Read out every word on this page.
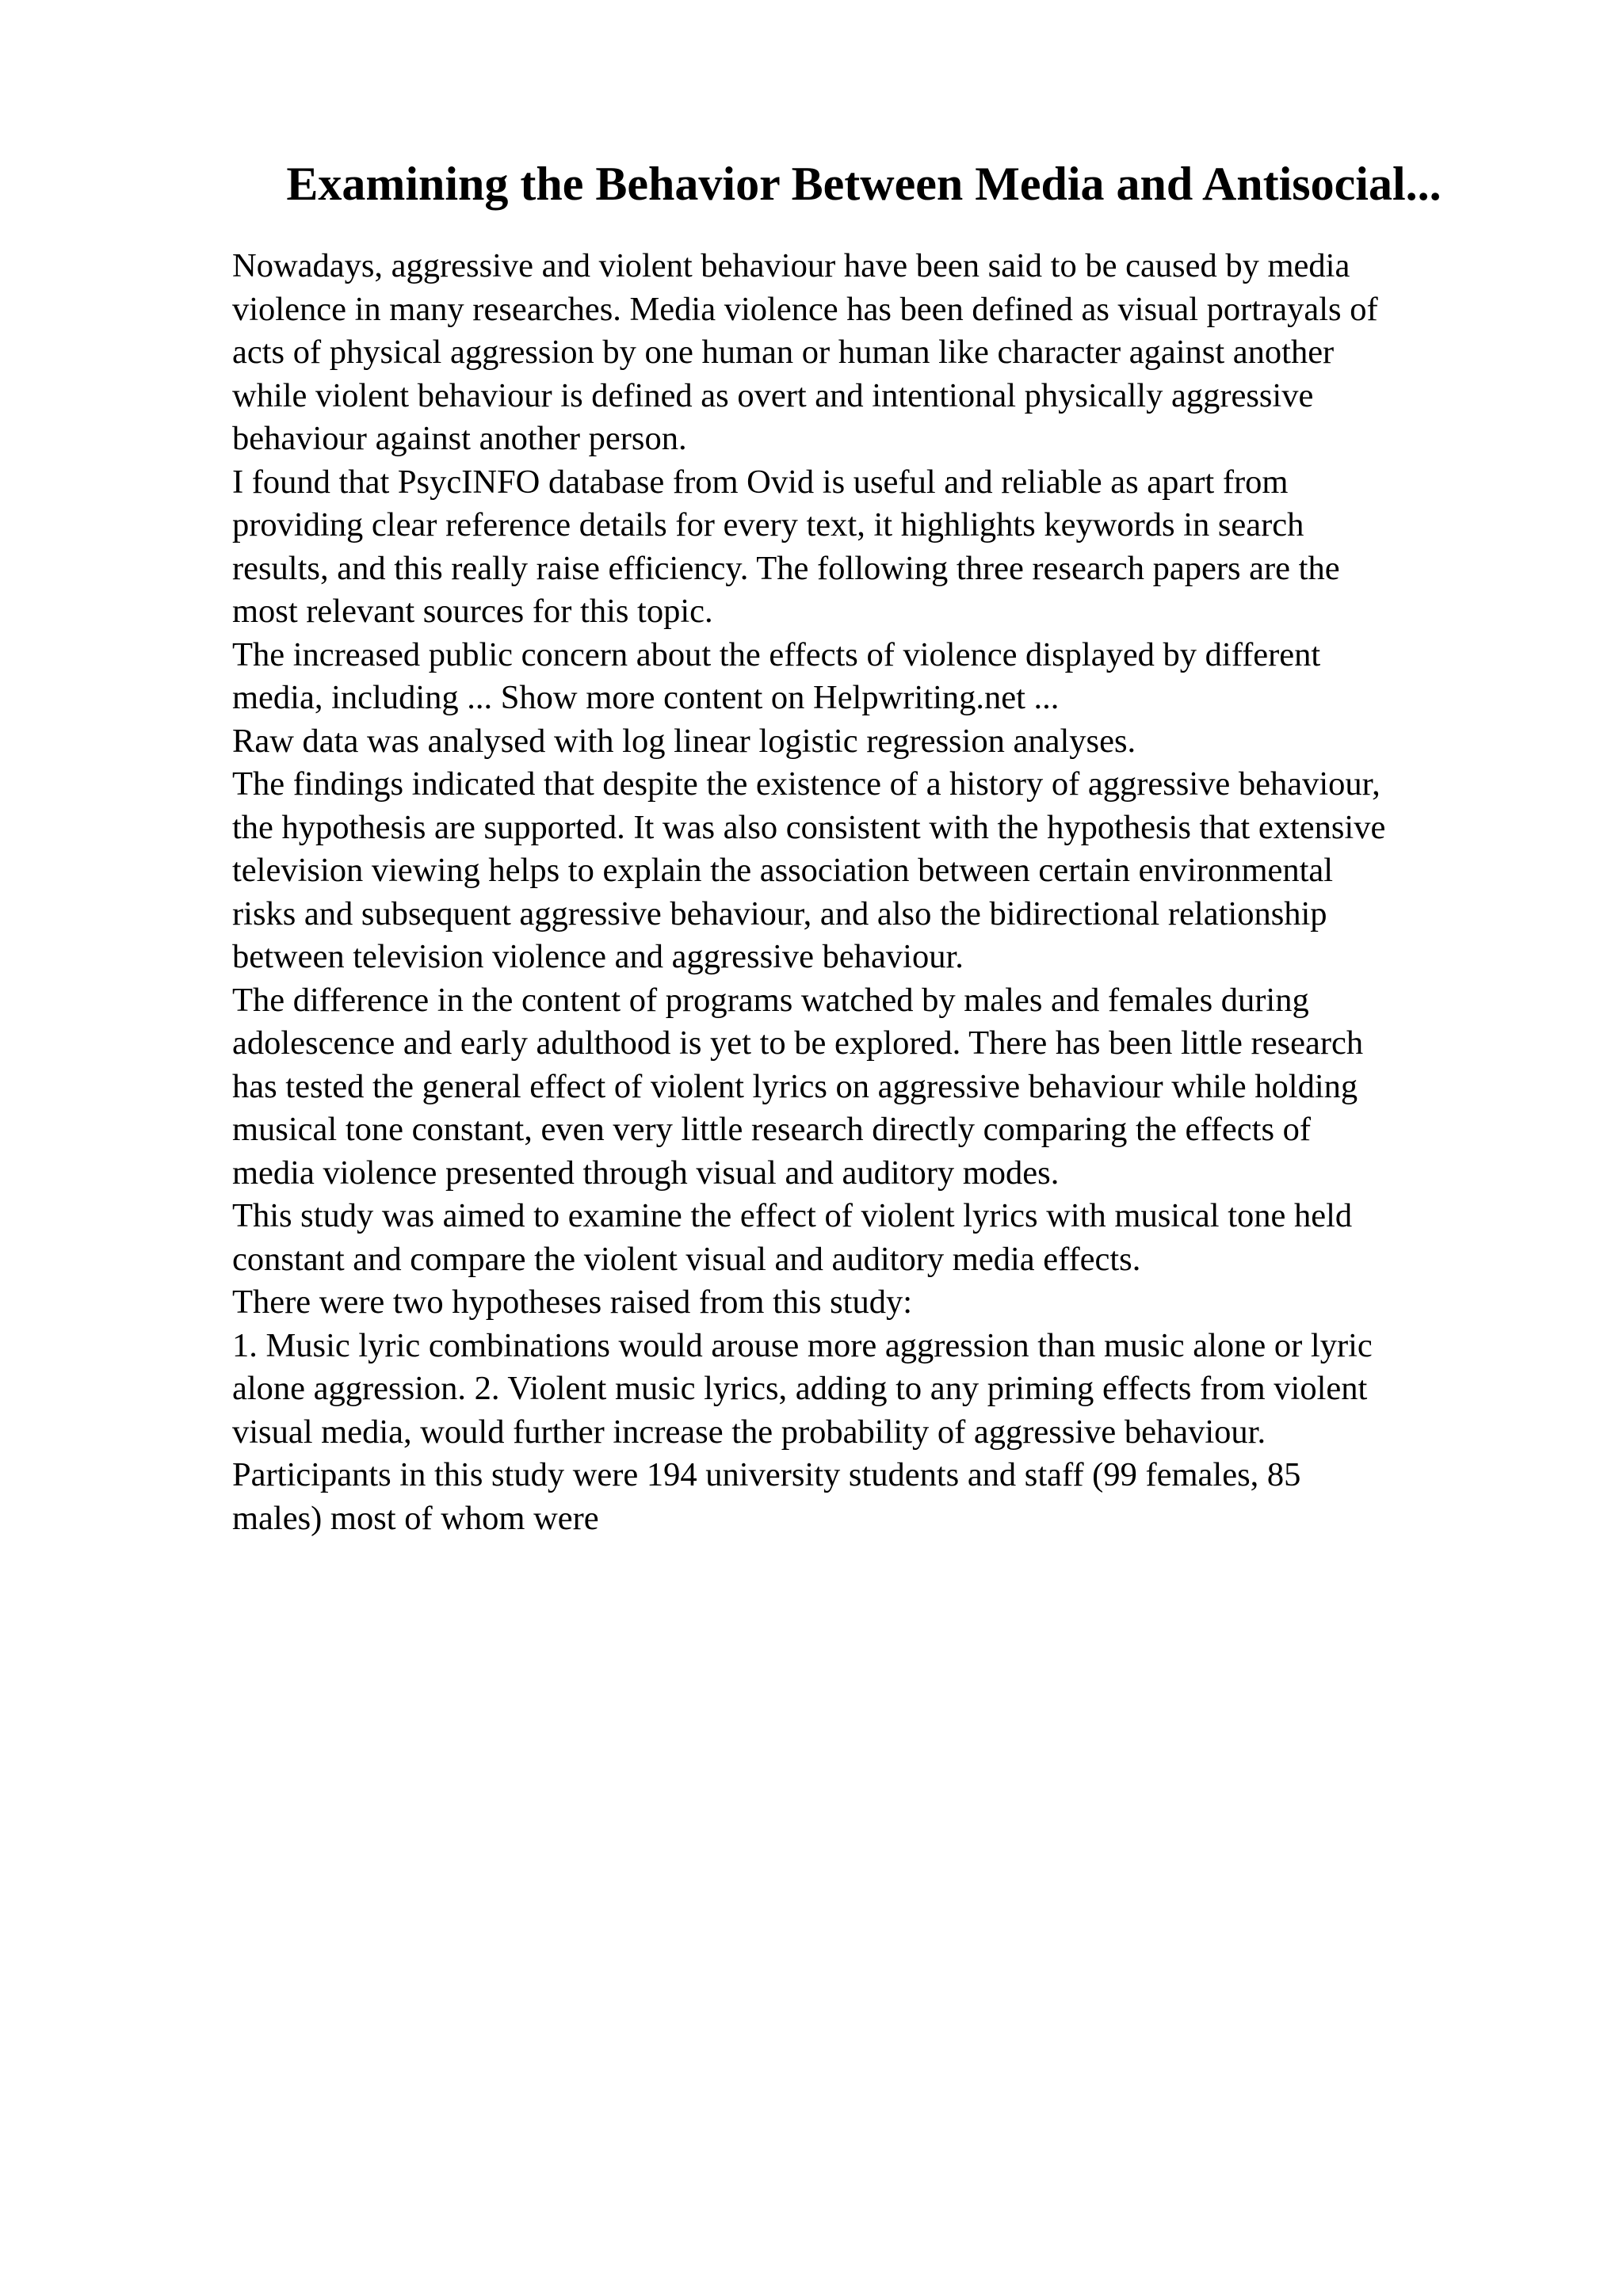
Examining the Behavior Between Media and Antisocial...
Nowadays, aggressive and violent behaviour have been said to be caused by media
violence in many researches. Media violence has been defined as visual portrayals of
acts of physical aggression by one human or human like character against another
while violent behaviour is defined as overt and intentional physically aggressive
behaviour against another person.
I found that PsycINFO database from Ovid is useful and reliable as apart from
providing clear reference details for every text, it highlights keywords in search
results, and this really raise efficiency. The following three research papers are the
most relevant sources for this topic.
The increased public concern about the effects of violence displayed by different
media, including ... Show more content on Helpwriting.net ...
Raw data was analysed with log linear logistic regression analyses.
The findings indicated that despite the existence of a history of aggressive behaviour,
the hypothesis are supported. It was also consistent with the hypothesis that extensive
television viewing helps to explain the association between certain environmental
risks and subsequent aggressive behaviour, and also the bidirectional relationship
between television violence and aggressive behaviour.
The difference in the content of programs watched by males and females during
adolescence and early adulthood is yet to be explored. There has been little research
has tested the general effect of violent lyrics on aggressive behaviour while holding
musical tone constant, even very little research directly comparing the effects of
media violence presented through visual and auditory modes.
This study was aimed to examine the effect of violent lyrics with musical tone held
constant and compare the violent visual and auditory media effects.
There were two hypotheses raised from this study:
1. Music lyric combinations would arouse more aggression than music alone or lyric
alone aggression. 2. Violent music lyrics, adding to any priming effects from violent
visual media, would further increase the probability of aggressive behaviour.
Participants in this study were 194 university students and staff (99 females, 85
males) most of whom were
